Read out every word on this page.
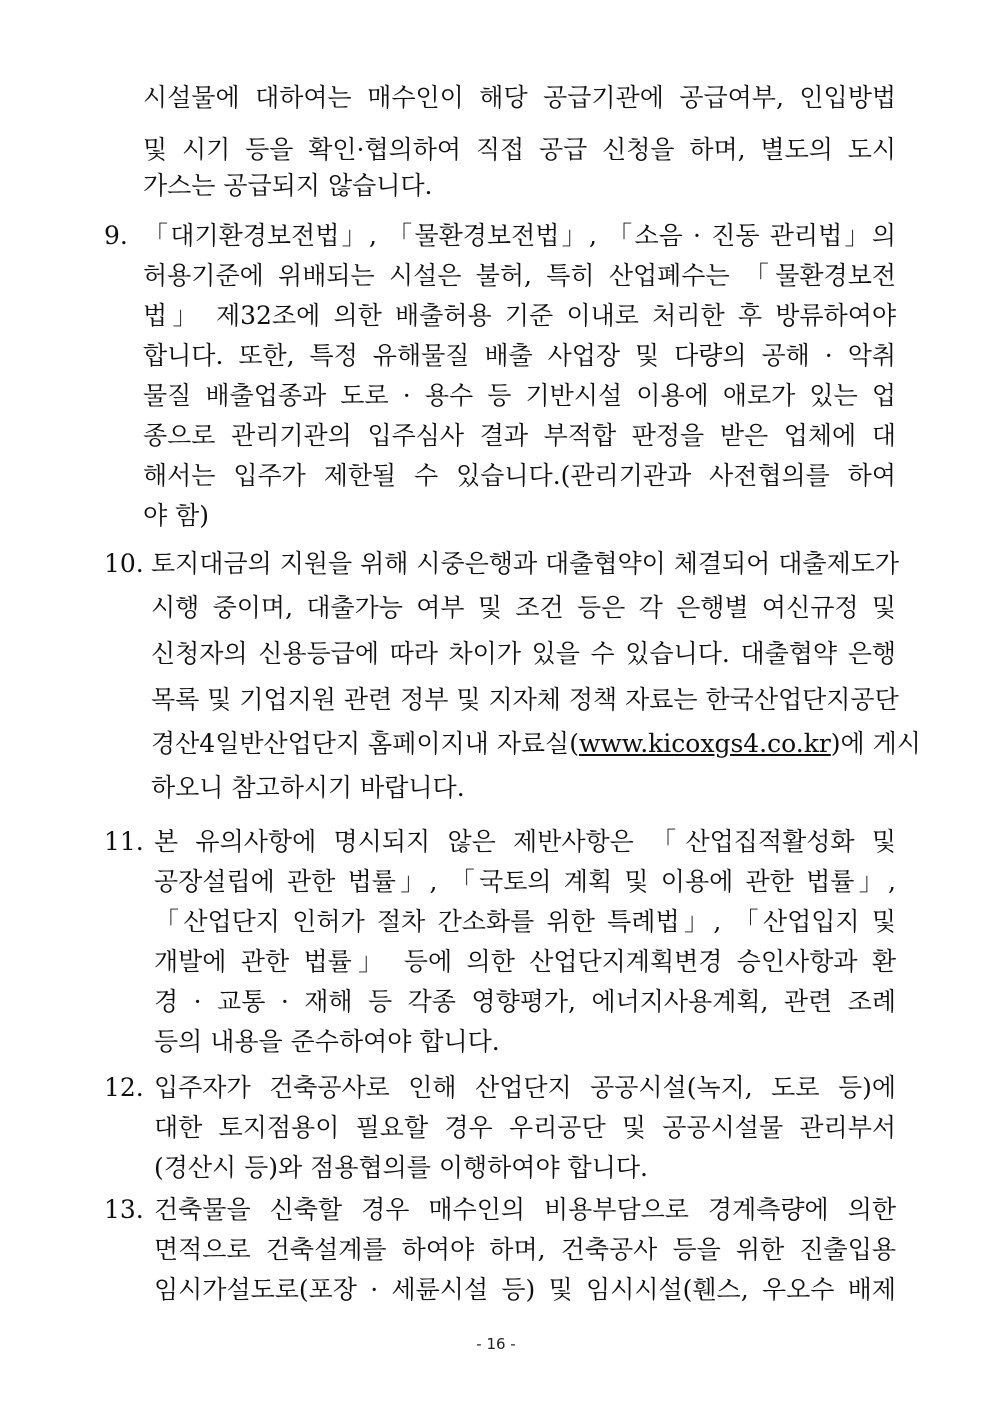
시설물에 대하여는 매수인이 해당 공급기관에 공급여부, 인입방법
및 시기 등을 확인·협의하여 직접 공급 신청을 하며, 별도의 도시
가스는 공급되지 않습니다.
9. 「대기환경보전법」, 「물환경보전법」, 「소음 · 진동 관리법」의
허용기준에 위배되는 시설은 불허, 특히 산업폐수는 「물환경보전
법」 제32조에 의한 배출허용 기준 이내로 처리한 후 방류하여야
합니다. 또한, 특정 유해물질 배출 사업장 및 다량의 공해 · 악취
물질 배출업종과 도로 · 용수 등 기반시설 이용에 애로가 있는 업
종으로 관리기관의 입주심사 결과 부적합 판정을 받은 업체에 대
해서는 입주가 제한될 수 있습니다.(관리기관과 사전협의를 하여
야 함)
10. 토지대금의 지원을 위해 시중은행과 대출협약이 체결되어 대출제도가
시행 중이며, 대출가능 여부 및 조건 등은 각 은행별 여신규정 및
신청자의 신용등급에 따라 차이가 있을 수 있습니다. 대출협약 은행
목록 및 기업지원 관련 정부 및 지자체 정책 자료는 한국산업단지공단
경산4일반산업단지 홈페이지내 자료실(www.kicoxgs4.co.kr)에 게시
하오니 참고하시기 바랍니다.
11. 본 유의사항에 명시되지 않은 제반사항은 「산업집적활성화 및
공장설립에 관한 법률」, 「국토의 계획 및 이용에 관한 법률」,
「산업단지 인허가 절차 간소화를 위한 특례법」, 「산업입지 및
개발에 관한 법률」 등에 의한 산업단지계획변경 승인사항과 환
경 · 교통 · 재해 등 각종 영향평가, 에너지사용계획, 관련 조례
등의 내용을 준수하여야 합니다.
12. 입주자가 건축공사로 인해 산업단지 공공시설(녹지, 도로 등)에
대한 토지점용이 필요할 경우 우리공단 및 공공시설물 관리부서
(경산시 등)와 점용협의를 이행하여야 합니다.
13. 건축물을 신축할 경우 매수인의 비용부담으로 경계측량에 의한
면적으로 건축설계를 하여야 하며, 건축공사 등을 위한 진출입용
임시가설도로(포장 · 세륜시설 등) 및 임시시설(휀스, 우오수 배제
- 16 -
